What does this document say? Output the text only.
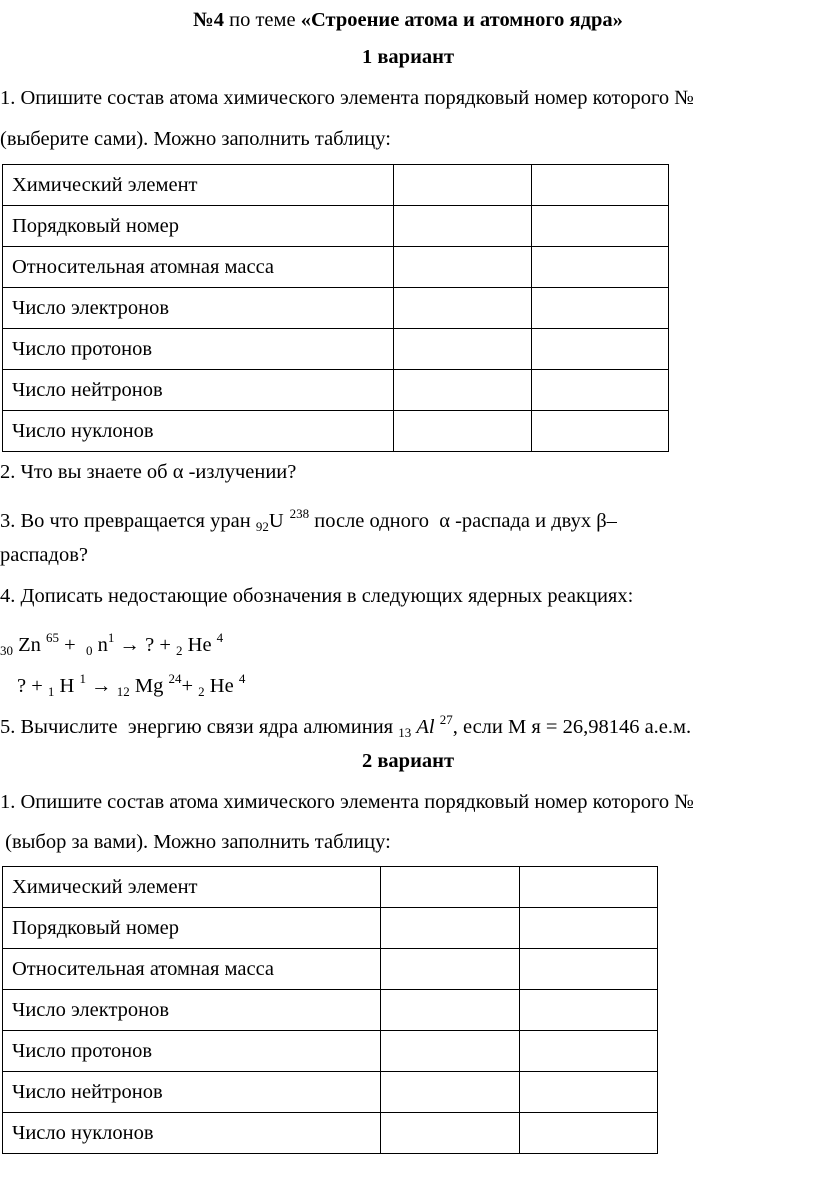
№4 по теме «Строение атома и атомного ядра»
1 вариант
1. Опишите состав атома химического элемента порядковый номер которого №
(выберите сами). Можно заполнить таблицу:
Химический элемент		
Порядковый номер		
Относительная атомная масса		
Число электронов		
Число протонов		
Число нейтронов		
Число нуклонов		
2. Что вы знаете об α -излучении?
3. Во что превращается уран $_{92}$U $^{238}$ после одного  α -распада и двух β–
распадов?
4. Дописать недостающие обозначения в следующих ядерных реакциях:
$_{30}$ Zn $^{65}$ +  $_0$ $n^1$ → ? + $_2$ He $^4$
? + $_1$ H $^1$ → $_{12}$ Mg $^{24}$+ $_2$ He $^4$
5. Вычислите  энергию связи ядра алюминия $_{13}$ Al $^{27}$, если М я = 26,98146 а.е.м.
2 вариант
1. Опишите состав атома химического элемента порядковый номер которого №
(выбор за вами). Можно заполнить таблицу:
Химический элемент		
Порядковый номер		
Относительная атомная масса		
Число электронов		
Число протонов		
Число нейтронов		
Число нуклонов		
